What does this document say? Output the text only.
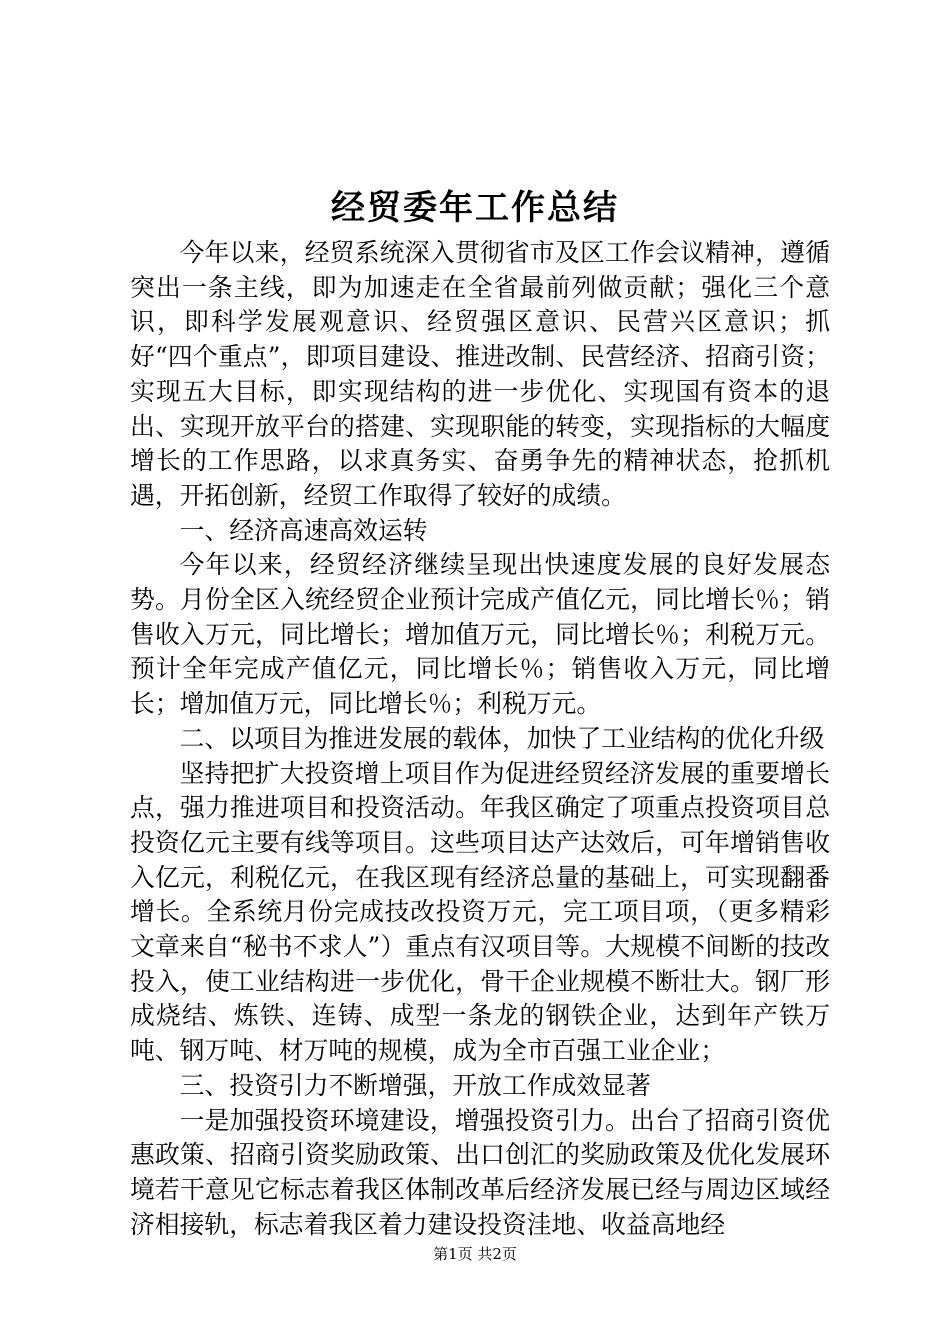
经贸委年工作总结

今年以来，经贸系统深入贯彻省市及区工作会议精神，遵循突出一条主线，即为加速走在全省最前列做贡献；强化三个意识，即科学发展观意识、经贸强区意识、民营兴区意识；抓好“四个重点”，即项目建设、推进改制、民营经济、招商引资；实现五大目标，即实现结构的进一步优化、实现国有资本的退出、实现开放平台的搭建、实现职能的转变，实现指标的大幅度增长的工作思路，以求真务实、奋勇争先的精神状态，抢抓机遇，开拓创新，经贸工作取得了较好的成绩。

一、经济高速高效运转

今年以来，经贸经济继续呈现出快速度发展的良好发展态势。月份全区入统经贸企业预计完成产值亿元，同比增长％；销售收入万元，同比增长；增加值万元，同比增长％；利税万元。预计全年完成产值亿元，同比增长％；销售收入万元，同比增长；增加值万元，同比增长％；利税万元。

二、以项目为推进发展的载体，加快了工业结构的优化升级

坚持把扩大投资增上项目作为促进经贸经济发展的重要增长点，强力推进项目和投资活动。年我区确定了项重点投资项目总投资亿元主要有线等项目。这些项目达产达效后，可年增销售收入亿元，利税亿元，在我区现有经济总量的基础上，可实现翻番增长。全系统月份完成技改投资万元，完工项目项，（更多精彩文章来自“秘书不求人”）重点有汉项目等。大规模不间断的技改投入，使工业结构进一步优化，骨干企业规模不断壮大。钢厂形成烧结、炼铁、连铸、成型一条龙的钢铁企业，达到年产铁万吨、钢万吨、材万吨的规模，成为全市百强工业企业；

三、投资引力不断增强，开放工作成效显著

一是加强投资环境建设，增强投资引力。出台了招商引资优惠政策、招商引资奖励政策、出口创汇的奖励政策及优化发展环境若干意见它标志着我区体制改革后经济发展已经与周边区域经济相接轨，标志着我区着力建设投资洼地、收益高地经

第1页 共2页
